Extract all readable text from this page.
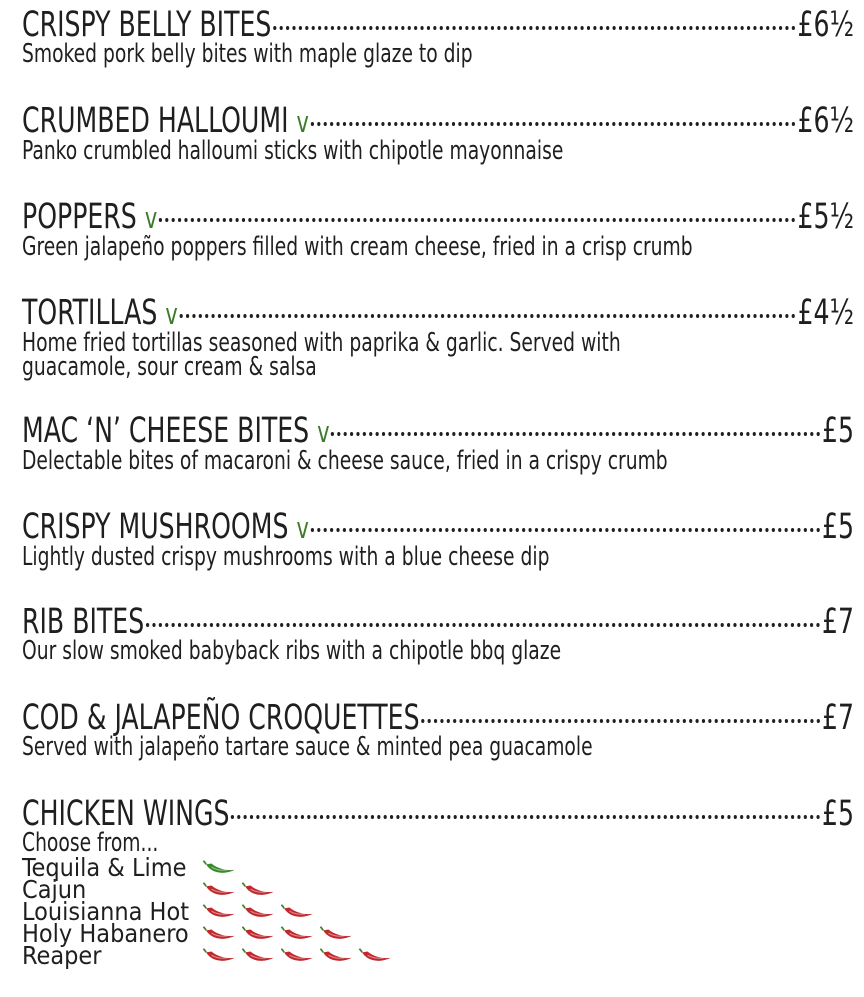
CRISPY BELLY BITES	£6½
Smoked pork belly bites with maple glaze to dip
CRUMBED HALLOUMI v	£6½
Panko crumbled halloumi sticks with chipotle mayonnaise
POPPERS v	£5½
Green jalapeño poppers filled with cream cheese, fried in a crisp crumb
TORTILLAS v	£4½
Home fried tortillas seasoned with paprika & garlic. Served with guacamole, sour cream & salsa
MAC ‘N’ CHEESE BITES v	£5
Delectable bites of macaroni & cheese sauce, fried in a crispy crumb
CRISPY MUSHROOMS v	£5
Lightly dusted crispy mushrooms with a blue cheese dip
RIB BITES	£7
Our slow smoked babyback ribs with a chipotle bbq glaze
COD & JALAPEÑO CROQUETTES	£7
Served with jalapeño tartare sauce & minted pea guacamole
CHICKEN WINGS	£5
Choose from...
Tequila & Lime
Cajun
Louisianna Hot
Holy Habanero
Reaper
